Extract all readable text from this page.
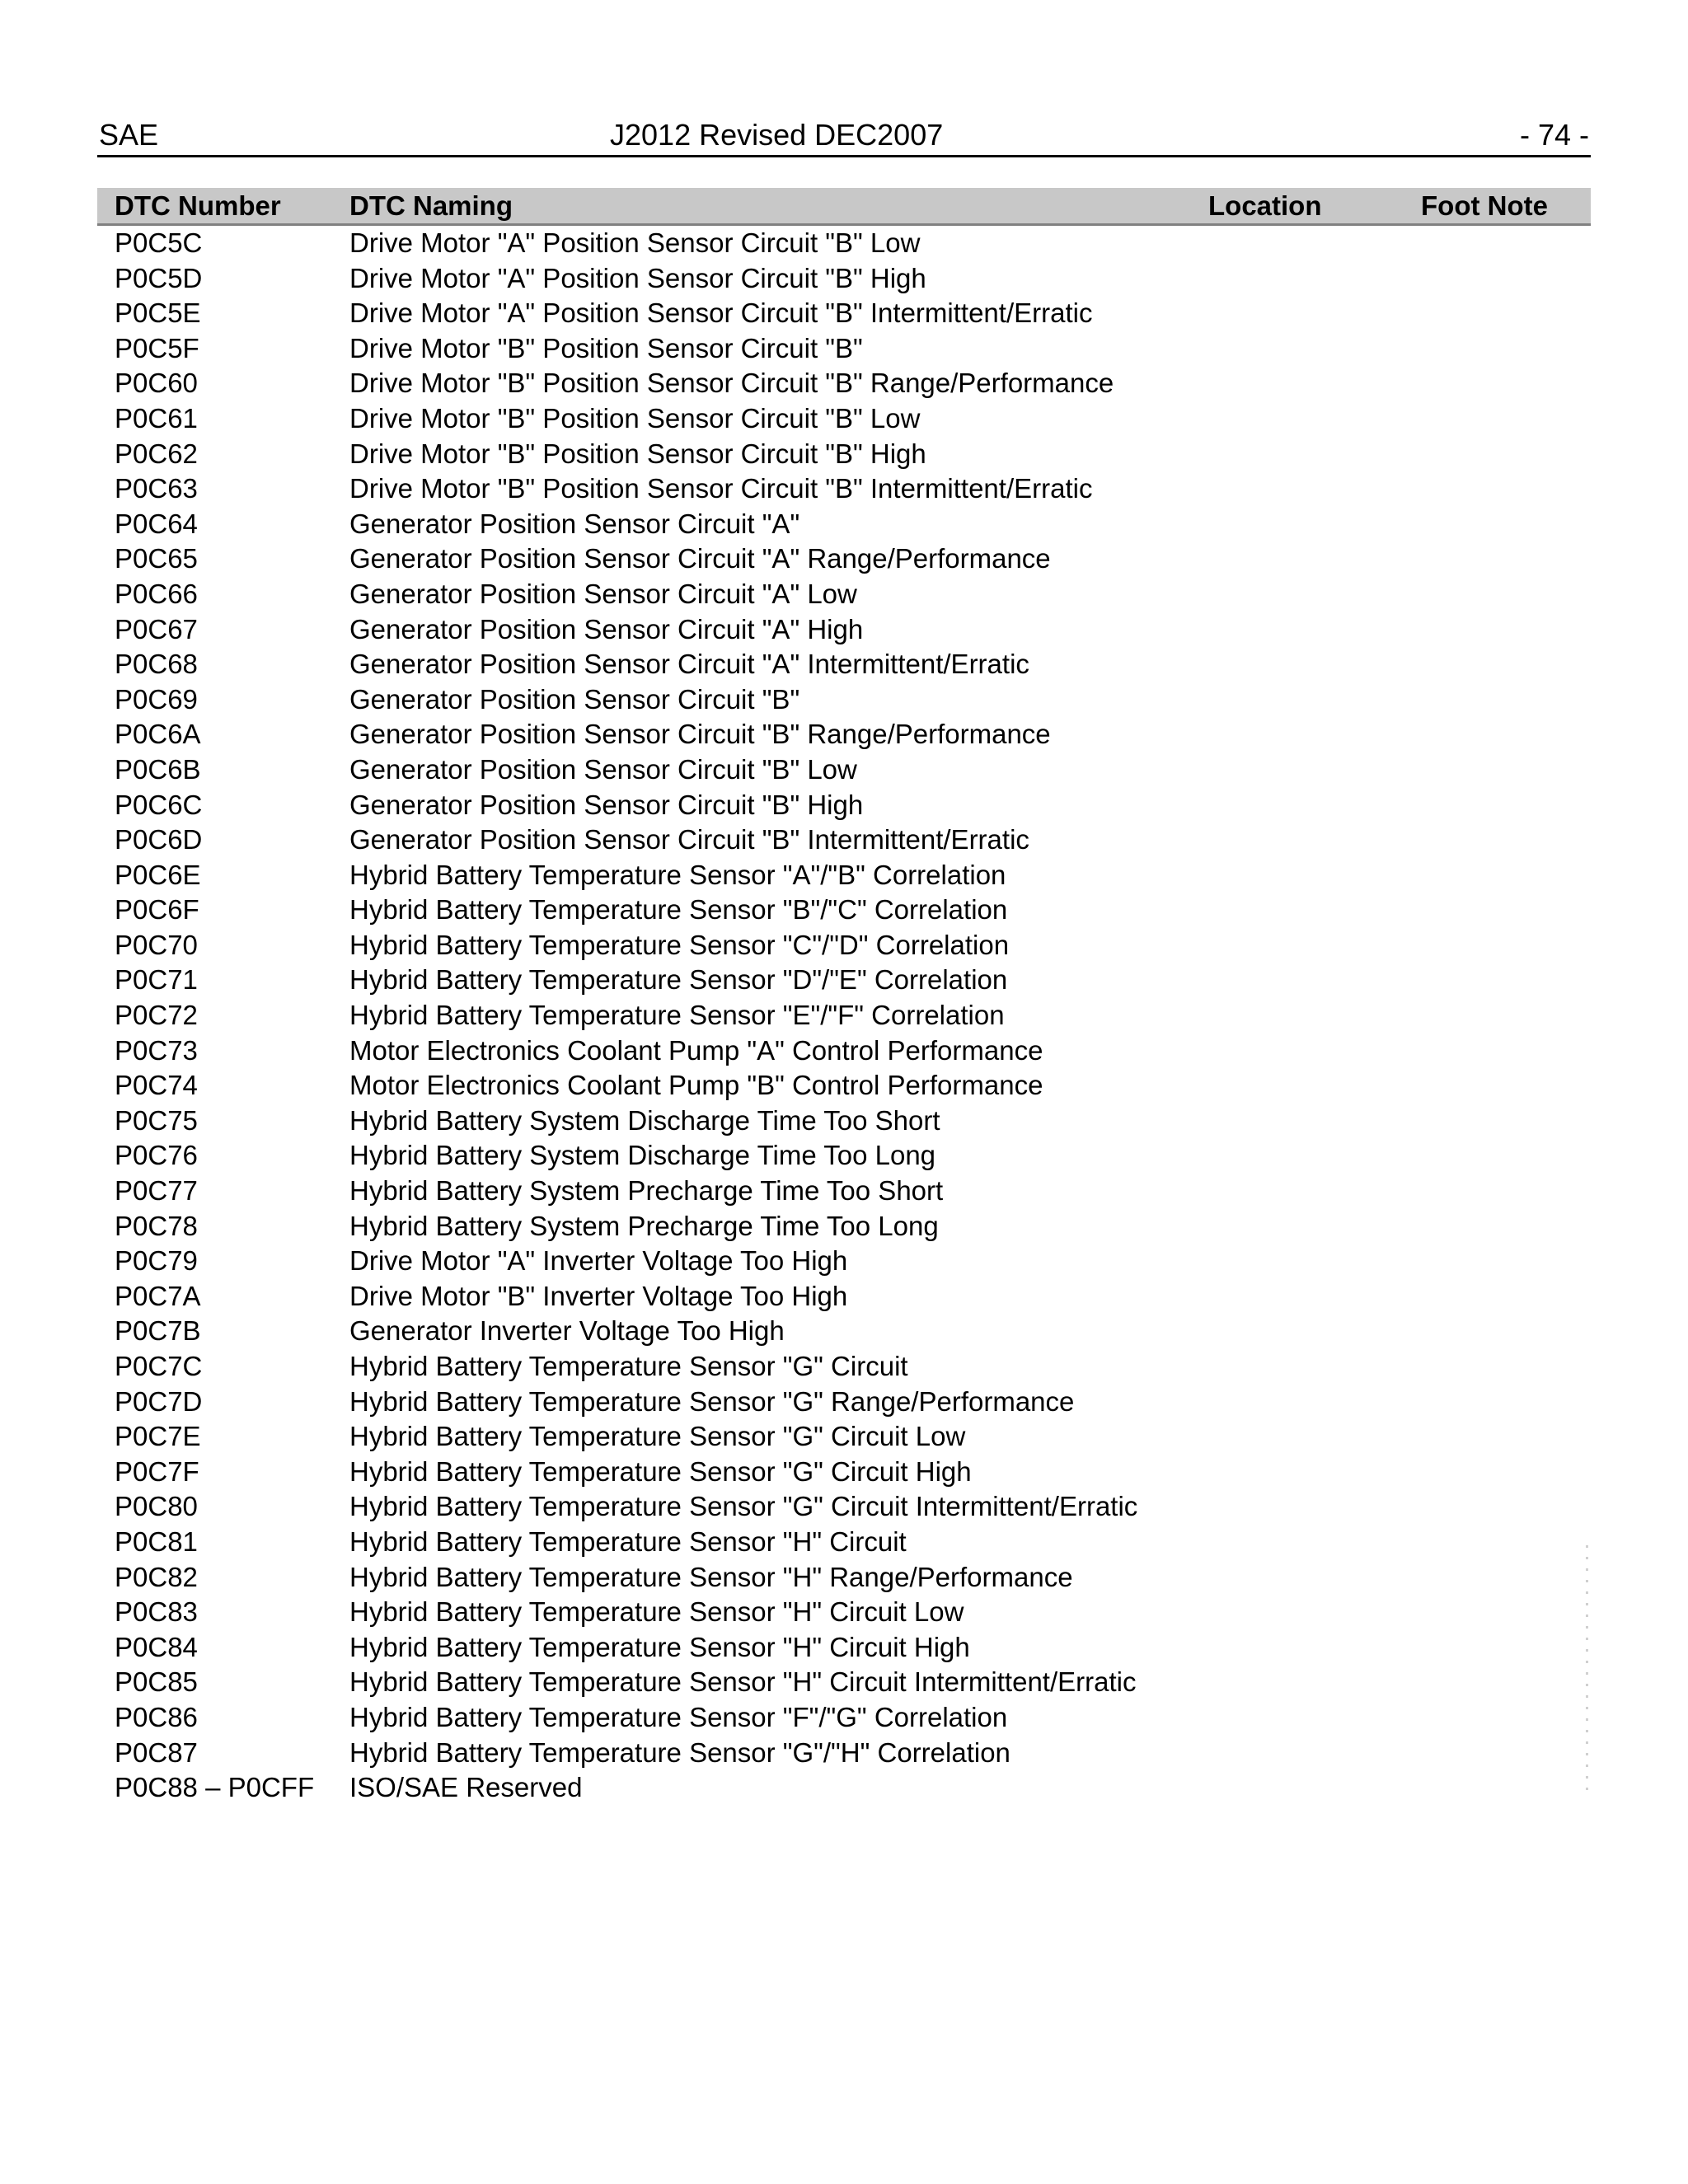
SAE	J2012 Revised DEC2007	- 74 -
DTC Number	DTC Naming	Location	Foot Note
P0C5C	Drive Motor "A" Position Sensor Circuit "B" Low
P0C5D	Drive Motor "A" Position Sensor Circuit "B" High
P0C5E	Drive Motor "A" Position Sensor Circuit "B" Intermittent/Erratic
P0C5F	Drive Motor "B" Position Sensor Circuit "B"
P0C60	Drive Motor "B" Position Sensor Circuit "B" Range/Performance
P0C61	Drive Motor "B" Position Sensor Circuit "B" Low
P0C62	Drive Motor "B" Position Sensor Circuit "B" High
P0C63	Drive Motor "B" Position Sensor Circuit "B" Intermittent/Erratic
P0C64	Generator Position Sensor Circuit "A"
P0C65	Generator Position Sensor Circuit "A" Range/Performance
P0C66	Generator Position Sensor Circuit "A" Low
P0C67	Generator Position Sensor Circuit "A" High
P0C68	Generator Position Sensor Circuit "A" Intermittent/Erratic
P0C69	Generator Position Sensor Circuit "B"
P0C6A	Generator Position Sensor Circuit "B" Range/Performance
P0C6B	Generator Position Sensor Circuit "B" Low
P0C6C	Generator Position Sensor Circuit "B" High
P0C6D	Generator Position Sensor Circuit "B" Intermittent/Erratic
P0C6E	Hybrid Battery Temperature Sensor "A"/"B" Correlation
P0C6F	Hybrid Battery Temperature Sensor "B"/"C" Correlation
P0C70	Hybrid Battery Temperature Sensor "C"/"D" Correlation
P0C71	Hybrid Battery Temperature Sensor "D"/"E" Correlation
P0C72	Hybrid Battery Temperature Sensor "E"/"F" Correlation
P0C73	Motor Electronics Coolant Pump "A" Control Performance
P0C74	Motor Electronics Coolant Pump "B" Control Performance
P0C75	Hybrid Battery System Discharge Time Too Short
P0C76	Hybrid Battery System Discharge Time Too Long
P0C77	Hybrid Battery System Precharge Time Too Short
P0C78	Hybrid Battery System Precharge Time Too Long
P0C79	Drive Motor "A" Inverter Voltage Too High
P0C7A	Drive Motor "B" Inverter Voltage Too High
P0C7B	Generator Inverter Voltage Too High
P0C7C	Hybrid Battery Temperature Sensor "G" Circuit
P0C7D	Hybrid Battery Temperature Sensor "G" Range/Performance
P0C7E	Hybrid Battery Temperature Sensor "G" Circuit Low
P0C7F	Hybrid Battery Temperature Sensor "G" Circuit High
P0C80	Hybrid Battery Temperature Sensor "G" Circuit Intermittent/Erratic
P0C81	Hybrid Battery Temperature Sensor "H" Circuit
P0C82	Hybrid Battery Temperature Sensor "H" Range/Performance
P0C83	Hybrid Battery Temperature Sensor "H" Circuit Low
P0C84	Hybrid Battery Temperature Sensor "H" Circuit High
P0C85	Hybrid Battery Temperature Sensor "H" Circuit Intermittent/Erratic
P0C86	Hybrid Battery Temperature Sensor "F"/"G" Correlation
P0C87	Hybrid Battery Temperature Sensor "G"/"H" Correlation
P0C88 – P0CFF ISO/SAE Reserved
